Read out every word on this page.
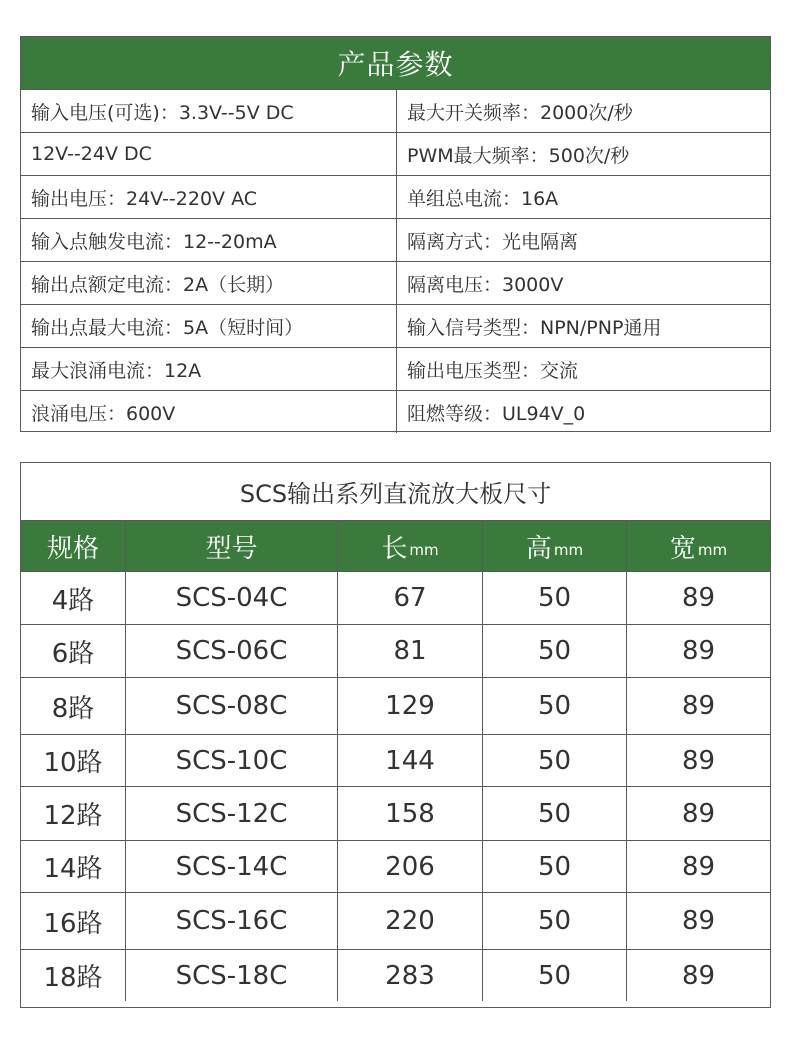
产品参数
输入电压(可选)：3.3V--5V DC	最大开关频率：2000次/秒
12V--24V DC	PWM最大频率：500次/秒
输出电压：24V--220V AC	单组总电流：16A
输入点触发电流：12--20mA	隔离方式：光电隔离
输出点额定电流：2A（长期）	隔离电压：3000V
输出点最大电流：5A（短时间）	输入信号类型：NPN/PNP通用
最大浪涌电流：12A	输出电压类型：交流
浪涌电压：600V	阻燃等级：UL94V_0
SCS输出系列直流放大板尺寸
规格	型号	长 mm	高 mm	宽 mm
4路	SCS-04C	67	50	89
6路	SCS-06C	81	50	89
8路	SCS-08C	129	50	89
10路	SCS-10C	144	50	89
12路	SCS-12C	158	50	89
14路	SCS-14C	206	50	89
16路	SCS-16C	220	50	89
18路	SCS-18C	283	50	89
